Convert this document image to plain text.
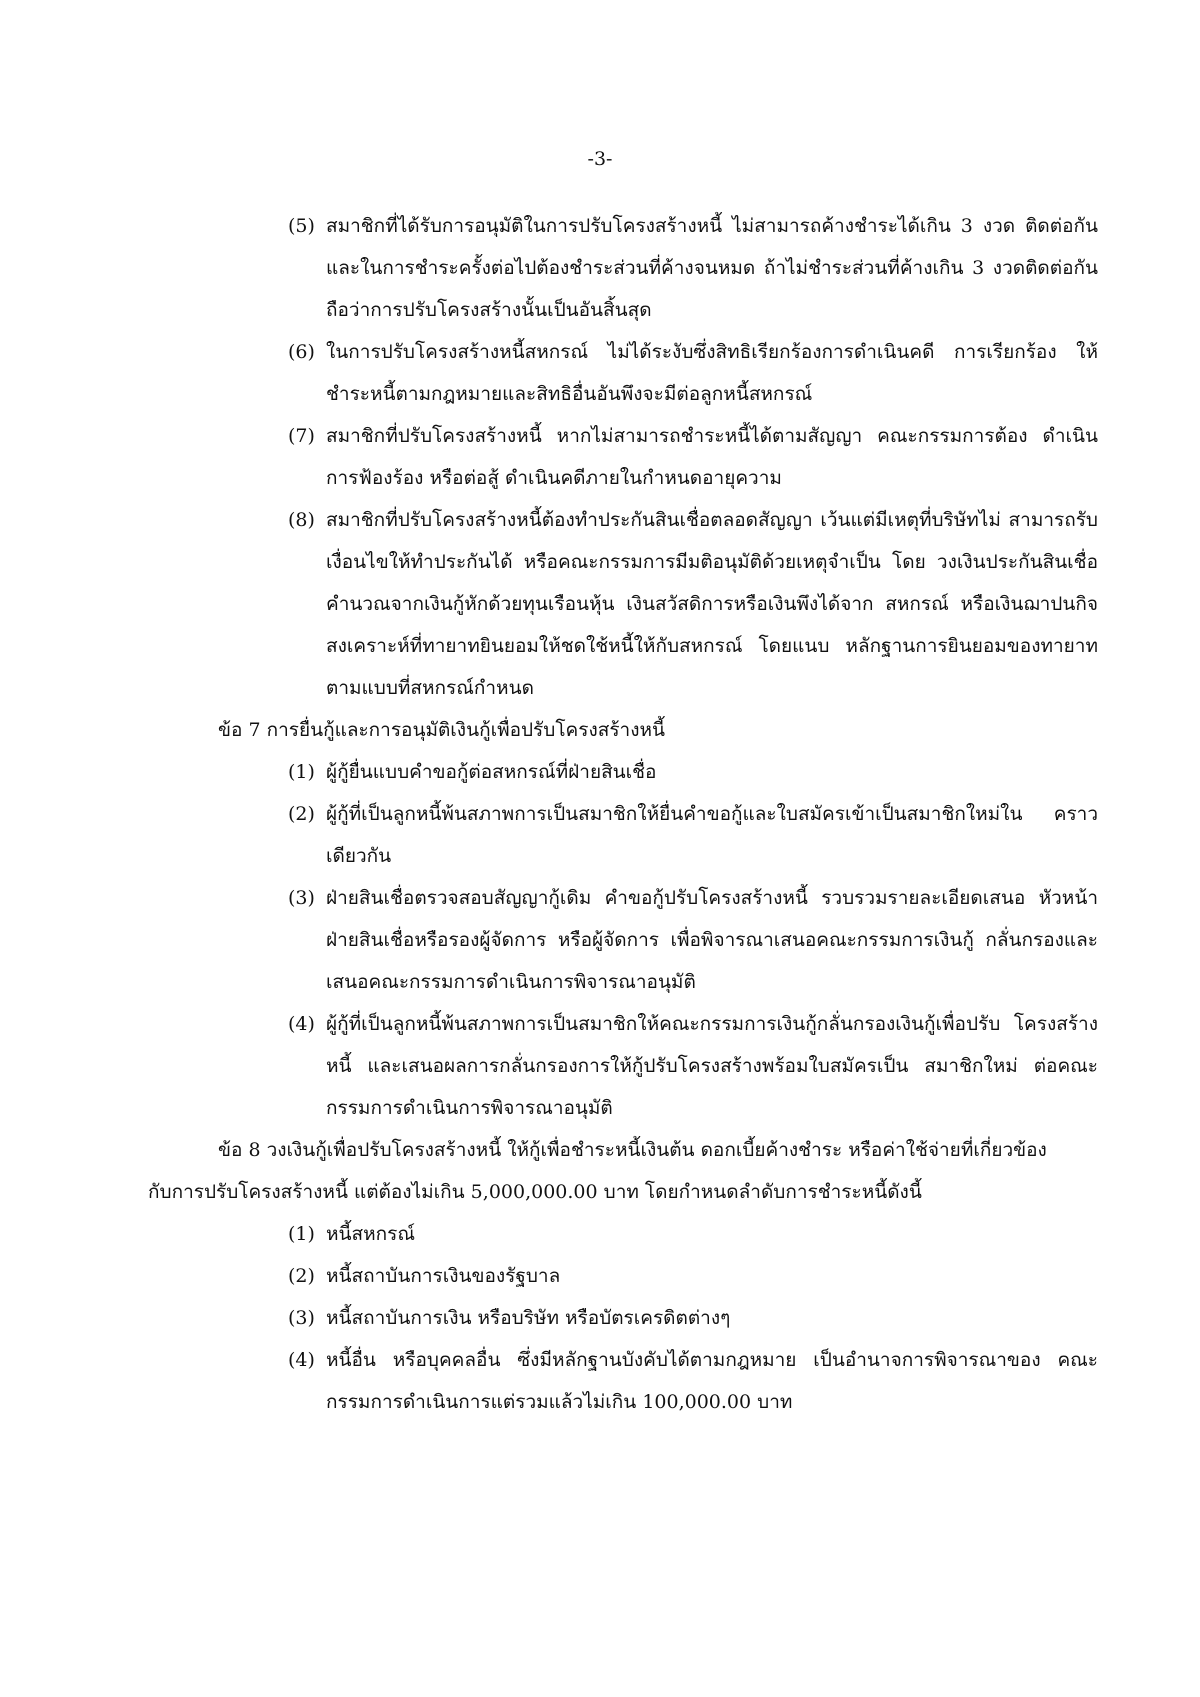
-3-
(5) สมาชิกที่ได้รับการอนุมัติในการปรับโครงสร้างหนี้ ไม่สามารถค้างชำระได้เกิน 3 งวด ติดต่อกัน และในการชำระครั้งต่อไปต้องชำระส่วนที่ค้างจนหมด ถ้าไม่ชำระส่วนที่ค้างเกิน 3 งวดติดต่อกัน ถือว่าการปรับโครงสร้างนั้นเป็นอันสิ้นสุด
(6) ในการปรับโครงสร้างหนี้สหกรณ์ ไม่ได้ระงับซึ่งสิทธิเรียกร้องการดำเนินคดี การเรียกร้อง ให้ชำระหนี้ตามกฎหมายและสิทธิอื่นอันพึงจะมีต่อลูกหนี้สหกรณ์
(7) สมาชิกที่ปรับโครงสร้างหนี้ หากไม่สามารถชำระหนี้ได้ตามสัญญา คณะกรรมการต้อง ดำเนินการฟ้องร้อง หรือต่อสู้ ดำเนินคดีภายในกำหนดอายุความ
(8) สมาชิกที่ปรับโครงสร้างหนี้ต้องทำประกันสินเชื่อตลอดสัญญา เว้นแต่มีเหตุที่บริษัทไม่ สามารถรับเงื่อนไขให้ทำประกันได้ หรือคณะกรรมการมีมติอนุมัติด้วยเหตุจำเป็น โดย วงเงินประกันสินเชื่อคำนวณจากเงินกู้หักด้วยทุนเรือนหุ้น เงินสวัสดิการหรือเงินพึงได้จาก สหกรณ์ หรือเงินฌาปนกิจสงเคราะห์ที่ทายาทยินยอมให้ชดใช้หนี้ให้กับสหกรณ์ โดยแนบ หลักฐานการยินยอมของทายาทตามแบบที่สหกรณ์กำหนด
ข้อ 7 การยื่นกู้และการอนุมัติเงินกู้เพื่อปรับโครงสร้างหนี้
(1) ผู้กู้ยื่นแบบคำขอกู้ต่อสหกรณ์ที่ฝ่ายสินเชื่อ
(2) ผู้กู้ที่เป็นลูกหนี้พ้นสภาพการเป็นสมาชิกให้ยื่นคำขอกู้และใบสมัครเข้าเป็นสมาชิกใหม่ใน คราวเดียวกัน
(3) ฝ่ายสินเชื่อตรวจสอบสัญญากู้เดิม คำขอกู้ปรับโครงสร้างหนี้ รวบรวมรายละเอียดเสนอ หัวหน้าฝ่ายสินเชื่อหรือรองผู้จัดการ หรือผู้จัดการ เพื่อพิจารณาเสนอคณะกรรมการเงินกู้ กลั่นกรองและเสนอคณะกรรมการดำเนินการพิจารณาอนุมัติ
(4) ผู้กู้ที่เป็นลูกหนี้พ้นสภาพการเป็นสมาชิกให้คณะกรรมการเงินกู้กลั่นกรองเงินกู้เพื่อปรับ โครงสร้างหนี้ และเสนอผลการกลั่นกรองการให้กู้ปรับโครงสร้างพร้อมใบสมัครเป็น สมาชิกใหม่ ต่อคณะกรรมการดำเนินการพิจารณาอนุมัติ
ข้อ 8 วงเงินกู้เพื่อปรับโครงสร้างหนี้ ให้กู้เพื่อชำระหนี้เงินต้น ดอกเบี้ยค้างชำระ หรือค่าใช้จ่ายที่เกี่ยวข้อง
กับการปรับโครงสร้างหนี้ แต่ต้องไม่เกิน 5,000,000.00 บาท โดยกำหนดลำดับการชำระหนี้ดังนี้
(1) หนี้สหกรณ์
(2) หนี้สถาบันการเงินของรัฐบาล
(3) หนี้สถาบันการเงิน หรือบริษัท หรือบัตรเครดิตต่างๆ
(4) หนี้อื่น หรือบุคคลอื่น ซึ่งมีหลักฐานบังคับได้ตามกฎหมาย เป็นอำนาจการพิจารณาของ คณะกรรมการดำเนินการแต่รวมแล้วไม่เกิน 100,000.00 บาท
